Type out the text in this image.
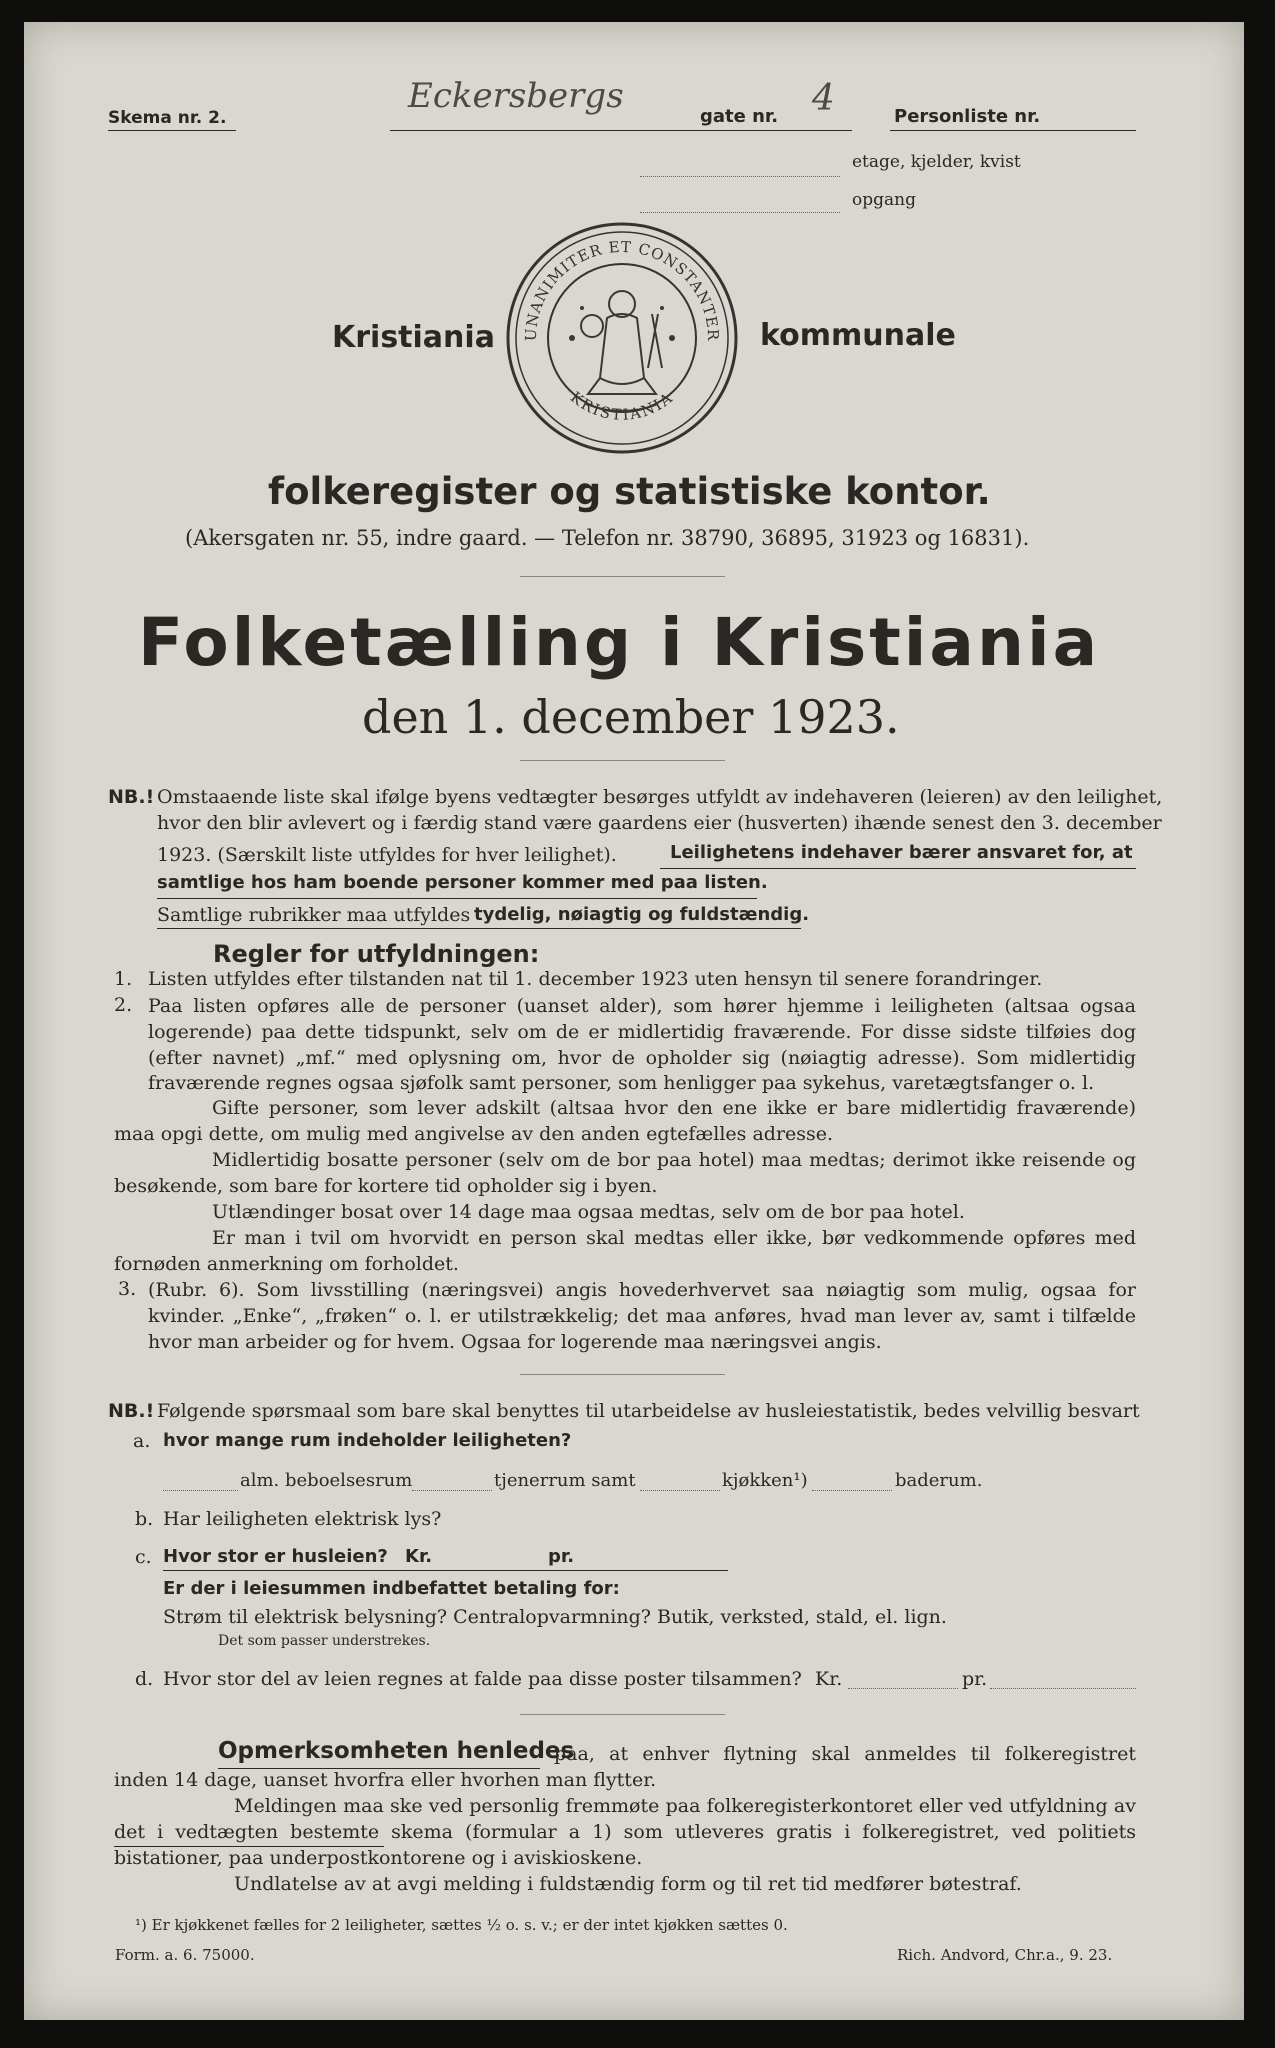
Skema nr. 2.
Eckersbergs
gate nr. 4	Personliste nr.
etage, kjelder, kvist
opgang
Kristiania	kommunale
UNANIMITER ET CONSTANTER
KRISTIANIA
folkeregister og statistiske kontor.
(Akersgaten nr. 55, indre gaard. — Telefon nr. 38790, 36895, 31923 og 16831).
Folketælling i Kristiania
den 1. december 1923.
NB.! Omstaaende liste skal ifølge byens vedtægter besørges utfyldt av indehaveren (leieren) av den leilighet,
hvor den blir avlevert og i færdig stand være gaardens eier (husverten) ihænde senest den 3. december
1923. (Særskilt liste utfyldes for hver leilighet).	Leilighetens indehaver bærer ansvaret for, at
samtlige hos ham boende personer kommer med paa listen.
Samtlige rubrikker maa utfyldes tydelig, nøiagtig og fuldstændig.
Regler for utfyldningen:
1. Listen utfyldes efter tilstanden nat til 1. december 1923 uten hensyn til senere forandringer.
2. Paa listen opføres alle de personer (uanset alder), som hører hjemme i leiligheten (altsaa ogsaa logerende) paa dette tidspunkt, selv om de er midlertidig fraværende. For disse sidste tilføies dog (efter navnet) „mf.“ med oplysning om, hvor de opholder sig (nøiagtig adresse). Som midlertidig fraværende regnes ogsaa sjøfolk samt personer, som henligger paa sykehus, varetægtsfanger o. l.

Gifte personer, som lever adskilt (altsaa hvor den ene ikke er bare midlertidig fraværende) maa opgi dette, om mulig med angivelse av den anden egtefælles adresse.

Midlertidig bosatte personer (selv om de bor paa hotel) maa medtas; derimot ikke reisende og besøkende, som bare for kortere tid opholder sig i byen.

Utlændinger bosat over 14 dage maa ogsaa medtas, selv om de bor paa hotel.

Er man i tvil om hvorvidt en person skal medtas eller ikke, bør vedkommende opføres med fornøden anmerkning om forholdet.

3. (Rubr. 6). Som livsstilling (næringsvei) angis hovederhvervet saa nøiagtig som mulig, ogsaa for kvinder. „Enke“, „frøken“ o. l. er utilstrækkelig; det maa anføres, hvad man lever av, samt i tilfælde hvor man arbeider og for hvem. Ogsaa for logerende maa næringsvei angis.

NB.! Følgende spørsmaal som bare skal benyttes til utarbeidelse av husleiestatistik, bedes velvillig besvart
a. hvor mange rum indeholder leiligheten?
alm. beboelsesrum	tjenerrum samt	kjøkken¹)	baderum.
b. Har leiligheten elektrisk lys?
c. Hvor stor er husleien? Kr.	pr.
Er der i leiesummen indbefattet betaling for:
Strøm til elektrisk belysning? Centralopvarmning? Butik, verksted, stald, el. lign.
Det som passer understrekes.
d. Hvor stor del av leien regnes at falde paa disse poster tilsammen? Kr.	pr.
Opmerksomheten henledes

paa, at enhver flytning skal anmeldes til folkeregistret inden 14 dage, uanset hvorfra eller hvorhen man flytter.

Meldingen maa ske ved personlig fremmøte paa folkeregisterkontoret eller ved utfyldning av det i vedtægten bestemte skema (formular a 1) som utleveres gratis i folkeregistret, ved politiets bistationer, paa underpostkontorene og i aviskioskene.

Undlatelse av at avgi melding i fuldstændig form og til ret tid medfører bøtestraf.

¹) Er kjøkkenet fælles for 2 leiligheter, sættes ½ o. s. v.; er der intet kjøkken sættes 0.
Form. a. 6. 75000.	Rich. Andvord, Chr.a., 9. 23.
